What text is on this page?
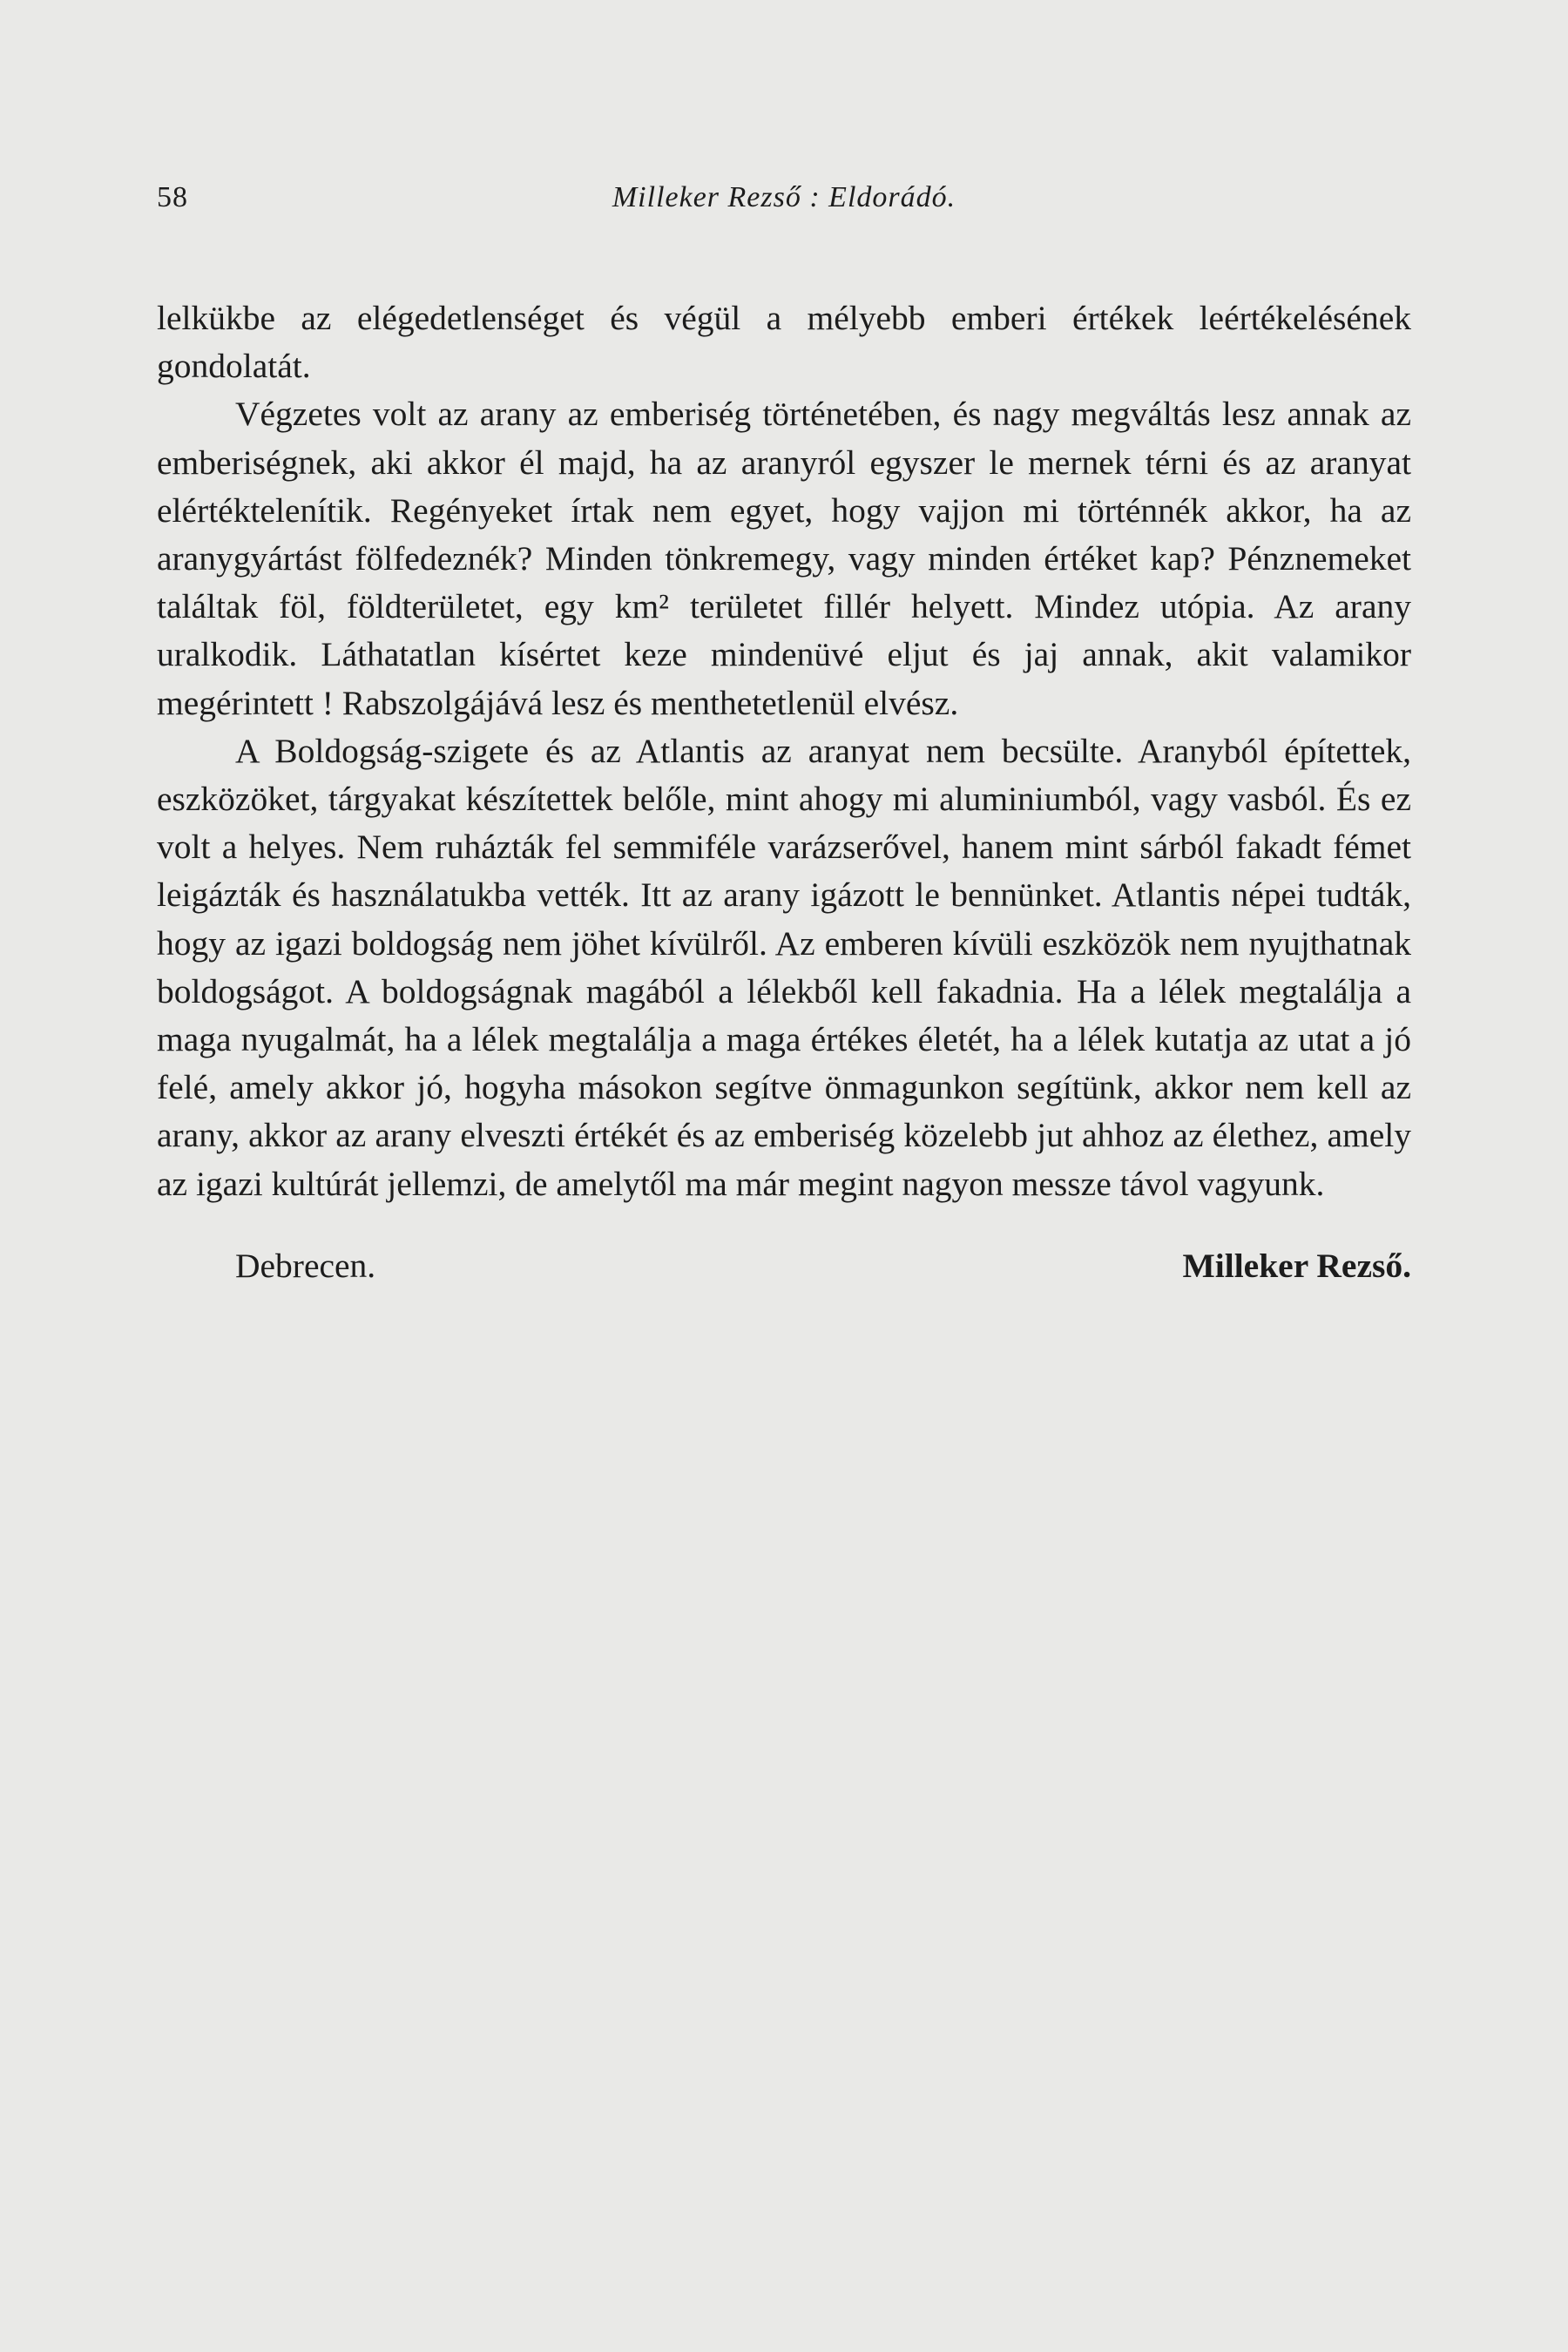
58	Milleker Rezső : Eldorádó.

lelkükbe az elégedetlenséget és végül a mélyebb emberi értékek leértékelésének gondolatát.

Végzetes volt az arany az emberiség történetében, és nagy megváltás lesz annak az emberiségnek, aki akkor él majd, ha az aranyról egyszer le mernek térni és az aranyat elértéktelenítik. Regényeket írtak nem egyet, hogy vajjon mi történnék akkor, ha az aranygyártást fölfedeznék? Minden tönkremegy, vagy minden értéket kap? Pénznemeket találtak föl, földterületet, egy km² területet fillér helyett. Mindez utópia. Az arany uralkodik. Láthatatlan kísértet keze mindenüvé eljut és jaj annak, akit valamikor megérintett ! Rabszolgájává lesz és menthetetlenül elvész.

A Boldogság-szigete és az Atlantis az aranyat nem becsülte. Aranyból építettek, eszközöket, tárgyakat készítettek belőle, mint ahogy mi aluminiumból, vagy vasból. És ez volt a helyes. Nem ruházták fel semmiféle varázserővel, hanem mint sárból fakadt fémet leigázták és használatukba vették. Itt az arany igázott le bennünket. Atlantis népei tudták, hogy az igazi boldogság nem jöhet kívülről. Az emberen kívüli eszközök nem nyujthatnak boldogságot. A boldogságnak magából a lélekből kell fakadnia. Ha a lélek megtalálja a maga nyugalmát, ha a lélek megtalálja a maga értékes életét, ha a lélek kutatja az utat a jó felé, amely akkor jó, hogyha másokon segítve önmagunkon segítünk, akkor nem kell az arany, akkor az arany elveszti értékét és az emberiség közelebb jut ahhoz az élethez, amely az igazi kultúrát jellemzi, de amelytől ma már megint nagyon messze távol vagyunk.

Debrecen.	Milleker Rezső.
